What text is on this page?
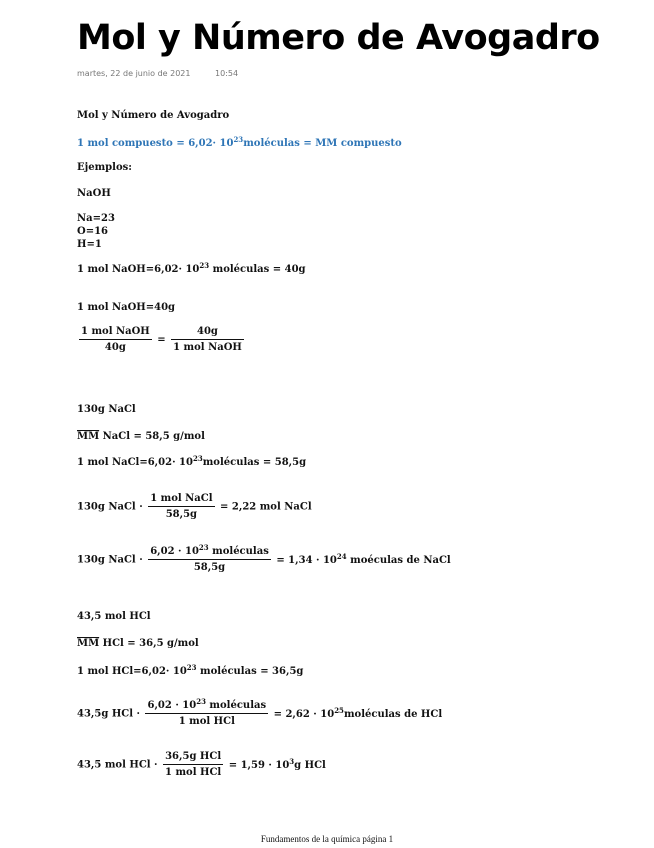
Mol y Número de Avogadro
martes, 22 de junio de 2021	10:54
Mol y Número de Avogadro
1 mol compuesto = $6,02\cdot 10^{23}moléculas$ = MM compuesto
Ejemplos:
NaOH
Na=23
O=16
H=1
1 mol NaOH=6,02· $10^{23}$ moléculas = 40g
1 mol NaOH=40g
$\frac{\text{1 mol NaOH}}{40g} = \frac{40g}{\text{1 mol NaOH}}$
130g NaCl
$\overline{MM}$ NaCl = 58,5 g/mol
1 mol NaCl=6,02· $10^{23}moléculas = 58,5g$
130g NaCl · $\frac{\text{1 mol NaCl}}{58,5g} = 2,22$ mol NaCl
130g NaCl · $\frac{6,02 \cdot 10^{23} moléculas}{58,5g} = 1,34 \cdot 10^{24}$ moéculas de NaCl
43,5 mol HCl
$\overline{MM}$ HCl = 36,5 g/mol
1 mol $HCl=6,02\cdot 10^{23}$ moléculas = 36,5g
43,5g HCl · $\frac{6,02 \cdot 10^{23} moléculas}{\text{1 mol HCl}} = 2,62$ · $10^{25}moléculas$ de HCl
43,5 mol HCl · $\frac{\text{36,5g HCl}}{\text{1 mol HCl}} = 1,59 \cdot 10^3g$ HCl
Fundamentos de la química página 1
